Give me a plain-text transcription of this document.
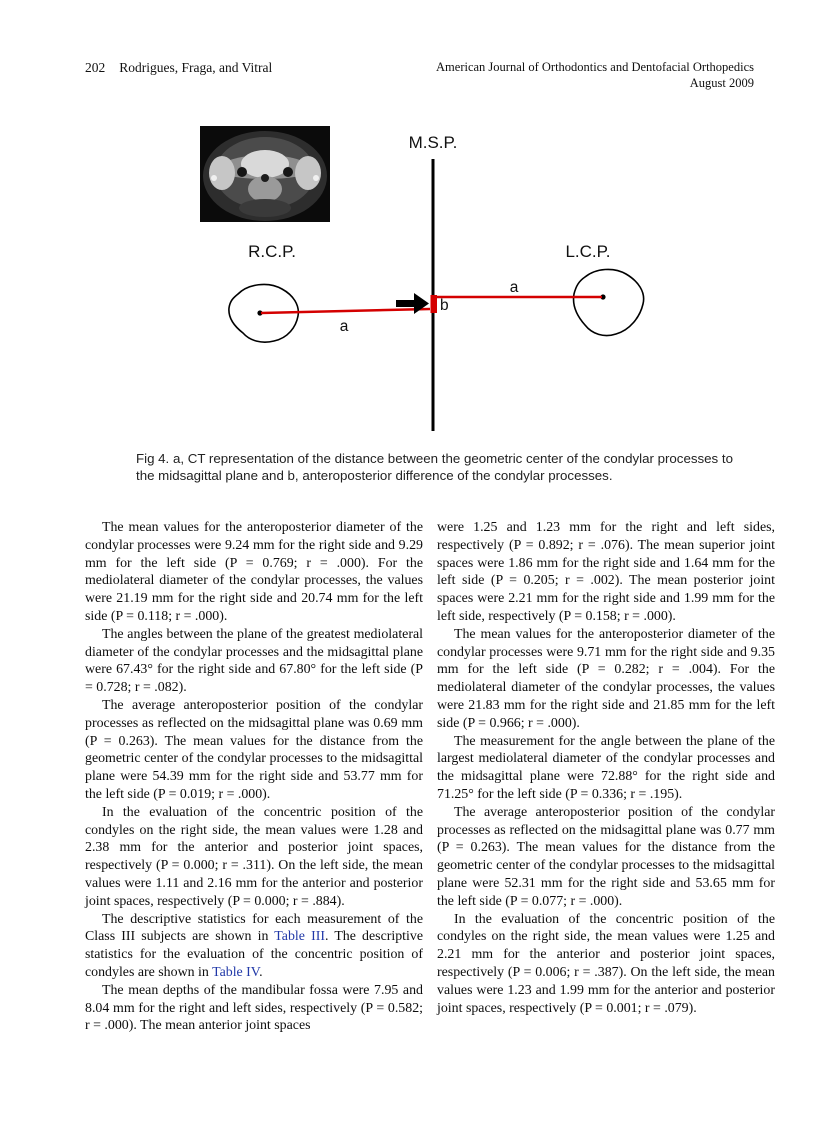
202 Rodrigues, Fraga, and Vitral	American Journal of Orthodontics and Dentofacial Orthopedics
August 2009
M.S.P.
R.C.P.	L.C.P.
a
a
b
Fig 4. a, CT representation of the distance between the geometric center of the condylar processes to the midsagittal plane and b, anteroposterior difference of the condylar processes.

The mean values for the anteroposterior diameter of the condylar processes were 9.24 mm for the right side and 9.29 mm for the left side (P = 0.769; r = .000). For the mediolateral diameter of the condylar processes, the values were 21.19 mm for the right side and 20.74 mm for the left side (P = 0.118; r = .000).

The angles between the plane of the greatest mediolateral diameter of the condylar processes and the midsagittal plane were 67.43° for the right side and 67.80° for the left side (P = 0.728; r = .082).

The average anteroposterior position of the condylar processes as reflected on the midsagittal plane was 0.69 mm (P = 0.263). The mean values for the distance from the geometric center of the condylar processes to the midsagittal plane were 54.39 mm for the right side and 53.77 mm for the left side (P = 0.019; r = .000).

In the evaluation of the concentric position of the condyles on the right side, the mean values were 1.28 and 2.38 mm for the anterior and posterior joint spaces, respectively (P = 0.000; r = .311). On the left side, the mean values were 1.11 and 2.16 mm for the anterior and posterior joint spaces, respectively (P = 0.000; r = .884).

The descriptive statistics for each measurement of the Class III subjects are shown in Table III. The descriptive statistics for the evaluation of the concentric position of condyles are shown in Table IV.

The mean depths of the mandibular fossa were 7.95 and 8.04 mm for the right and left sides, respectively (P = 0.582; r = .000). The mean anterior joint spaces

were 1.25 and 1.23 mm for the right and left sides, respectively (P = 0.892; r = .076). The mean superior joint spaces were 1.86 mm for the right side and 1.64 mm for the left side (P = 0.205; r = .002). The mean posterior joint spaces were 2.21 mm for the right side and 1.99 mm for the left side, respectively (P = 0.158; r = .000).

The mean values for the anteroposterior diameter of the condylar processes were 9.71 mm for the right side and 9.35 mm for the left side (P = 0.282; r = .004). For the mediolateral diameter of the condylar processes, the values were 21.83 mm for the right side and 21.85 mm for the left side (P = 0.966; r = .000).

The measurement for the angle between the plane of the largest mediolateral diameter of the condylar processes and the midsagittal plane were 72.88° for the right side and 71.25° for the left side (P = 0.336; r = .195).

The average anteroposterior position of the condylar processes as reflected on the midsagittal plane was 0.77 mm (P = 0.263). The mean values for the distance from the geometric center of the condylar processes to the midsagittal plane were 52.31 mm for the right side and 53.65 mm for the left side (P = 0.077; r = .000).

In the evaluation of the concentric position of the condyles on the right side, the mean values were 1.25 and 2.21 mm for the anterior and posterior joint spaces, respectively (P = 0.006; r = .387). On the left side, the mean values were 1.23 and 1.99 mm for the anterior and posterior joint spaces, respectively (P = 0.001; r = .079).
